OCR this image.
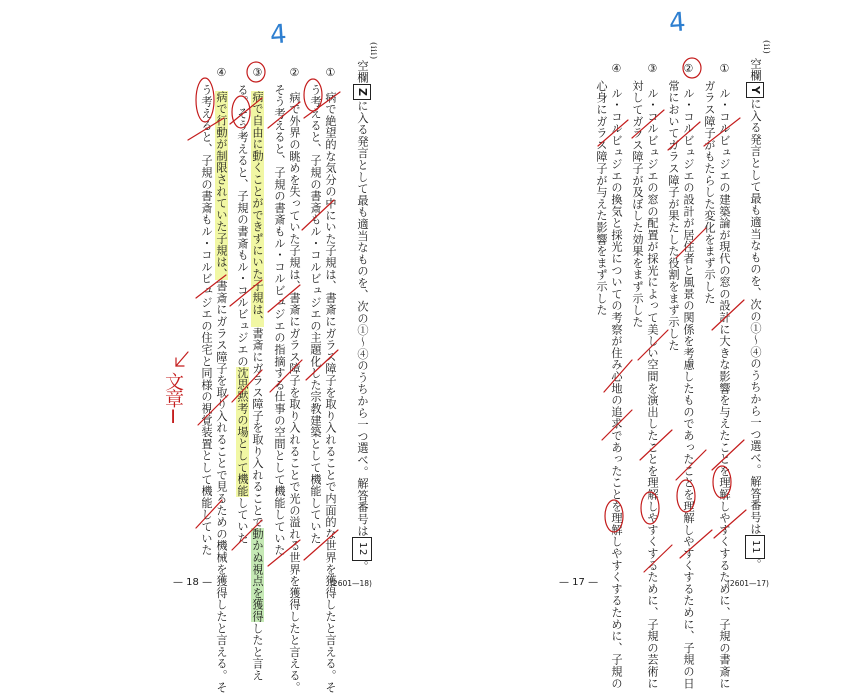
4
(iii)
空欄Zに入る発言として最も適当なものを、次の①～④のうちから一つ選べ。解答番号は12。
①　病で絶望的な気分の中にいた子規は、書斎にガラス障子を取り入れることで内面的な世界を獲得したと言える。そ
う考えると、子規の書斎もル・コルビュジエの主題化した宗教建築として機能していた
②　病で外界の眺めを失っていた子規は、書斎にガラス障子を取り入れることで光の溢れる世界を獲得したと言える。
そう考えると、子規の書斎もル・コルビュジエの指摘する仕事の空間として機能していた
③　病で自由に動くことができずにいた子規は、書斎にガラス障子を取り入れることで動かぬ視点を獲得したと言え
る。そう考えると、子規の書斎もル・コルビュジエの沈思黙考の場として機能していた
④　病で行動が制限されていた子規は、書斎にガラス障子を取り入れることで見るための機械を獲得したと言える。そ
う考えると、子規の書斎もル・コルビュジエの住宅と同様の視覚装置として機能していた
文章Ⅰ
— 18 —	(2601—18)
4
(ii)
空欄Yに入る発言として最も適当なものを、次の①～④のうちから一つ選べ。解答番号は11。
①　ル・コルビュジエの建築論が現代の窓の設計に大きな影響を与えたことを理解しやすくするために、子規の書斎に
ガラス障子がもたらした変化をまず示した
②　ル・コルビュジエの設計が居住者と風景の関係を考慮したものであったことを理解しやすくするために、子規の日
常においてガラス障子が果たした役割をまず示した
③　ル・コルビュジエの窓の配置が採光によって美しい空間を演出したことを理解しやすくするために、子規の芸術に
対してガラス障子が及ぼした効果をまず示した
④　ル・コルビュジエの換気と採光についての考察が住み心地の追求であったことを理解しやすくするために、子規の
心身にガラス障子が与えた影響をまず示した
— 17 —	(2601—17)
